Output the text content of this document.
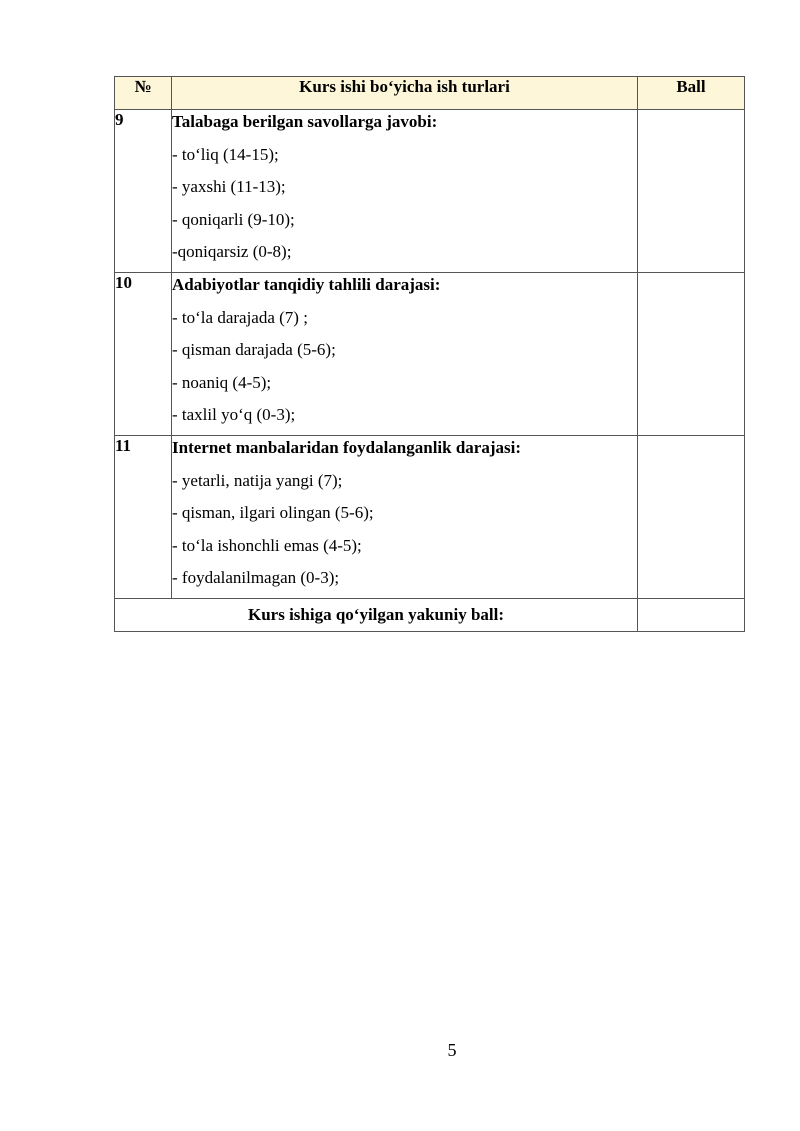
№	Kurs ishi bo‘yicha ish turlari	Ball
9	Talabaga berilgan savollarga javobi:
- to‘liq (14-15);
- yaxshi (11-13);
- qoniqarli (9-10);
-qoniqarsiz (0-8);	

10	Adabiyotlar tanqidiy tahlili darajasi:
- to‘la darajada (7) ;
- qisman darajada (5-6);
- noaniq (4-5);
- taxlil yo‘q (0-3);	

11	Internet manbalaridan foydalanganlik darajasi:
- yetarli, natija yangi (7);
- qisman, ilgari olingan (5-6);
- to‘la ishonchli emas (4-5);
- foydalanilmagan (0-3);	

Kurs ishiga qo‘yilgan yakuniy ball:		
5
